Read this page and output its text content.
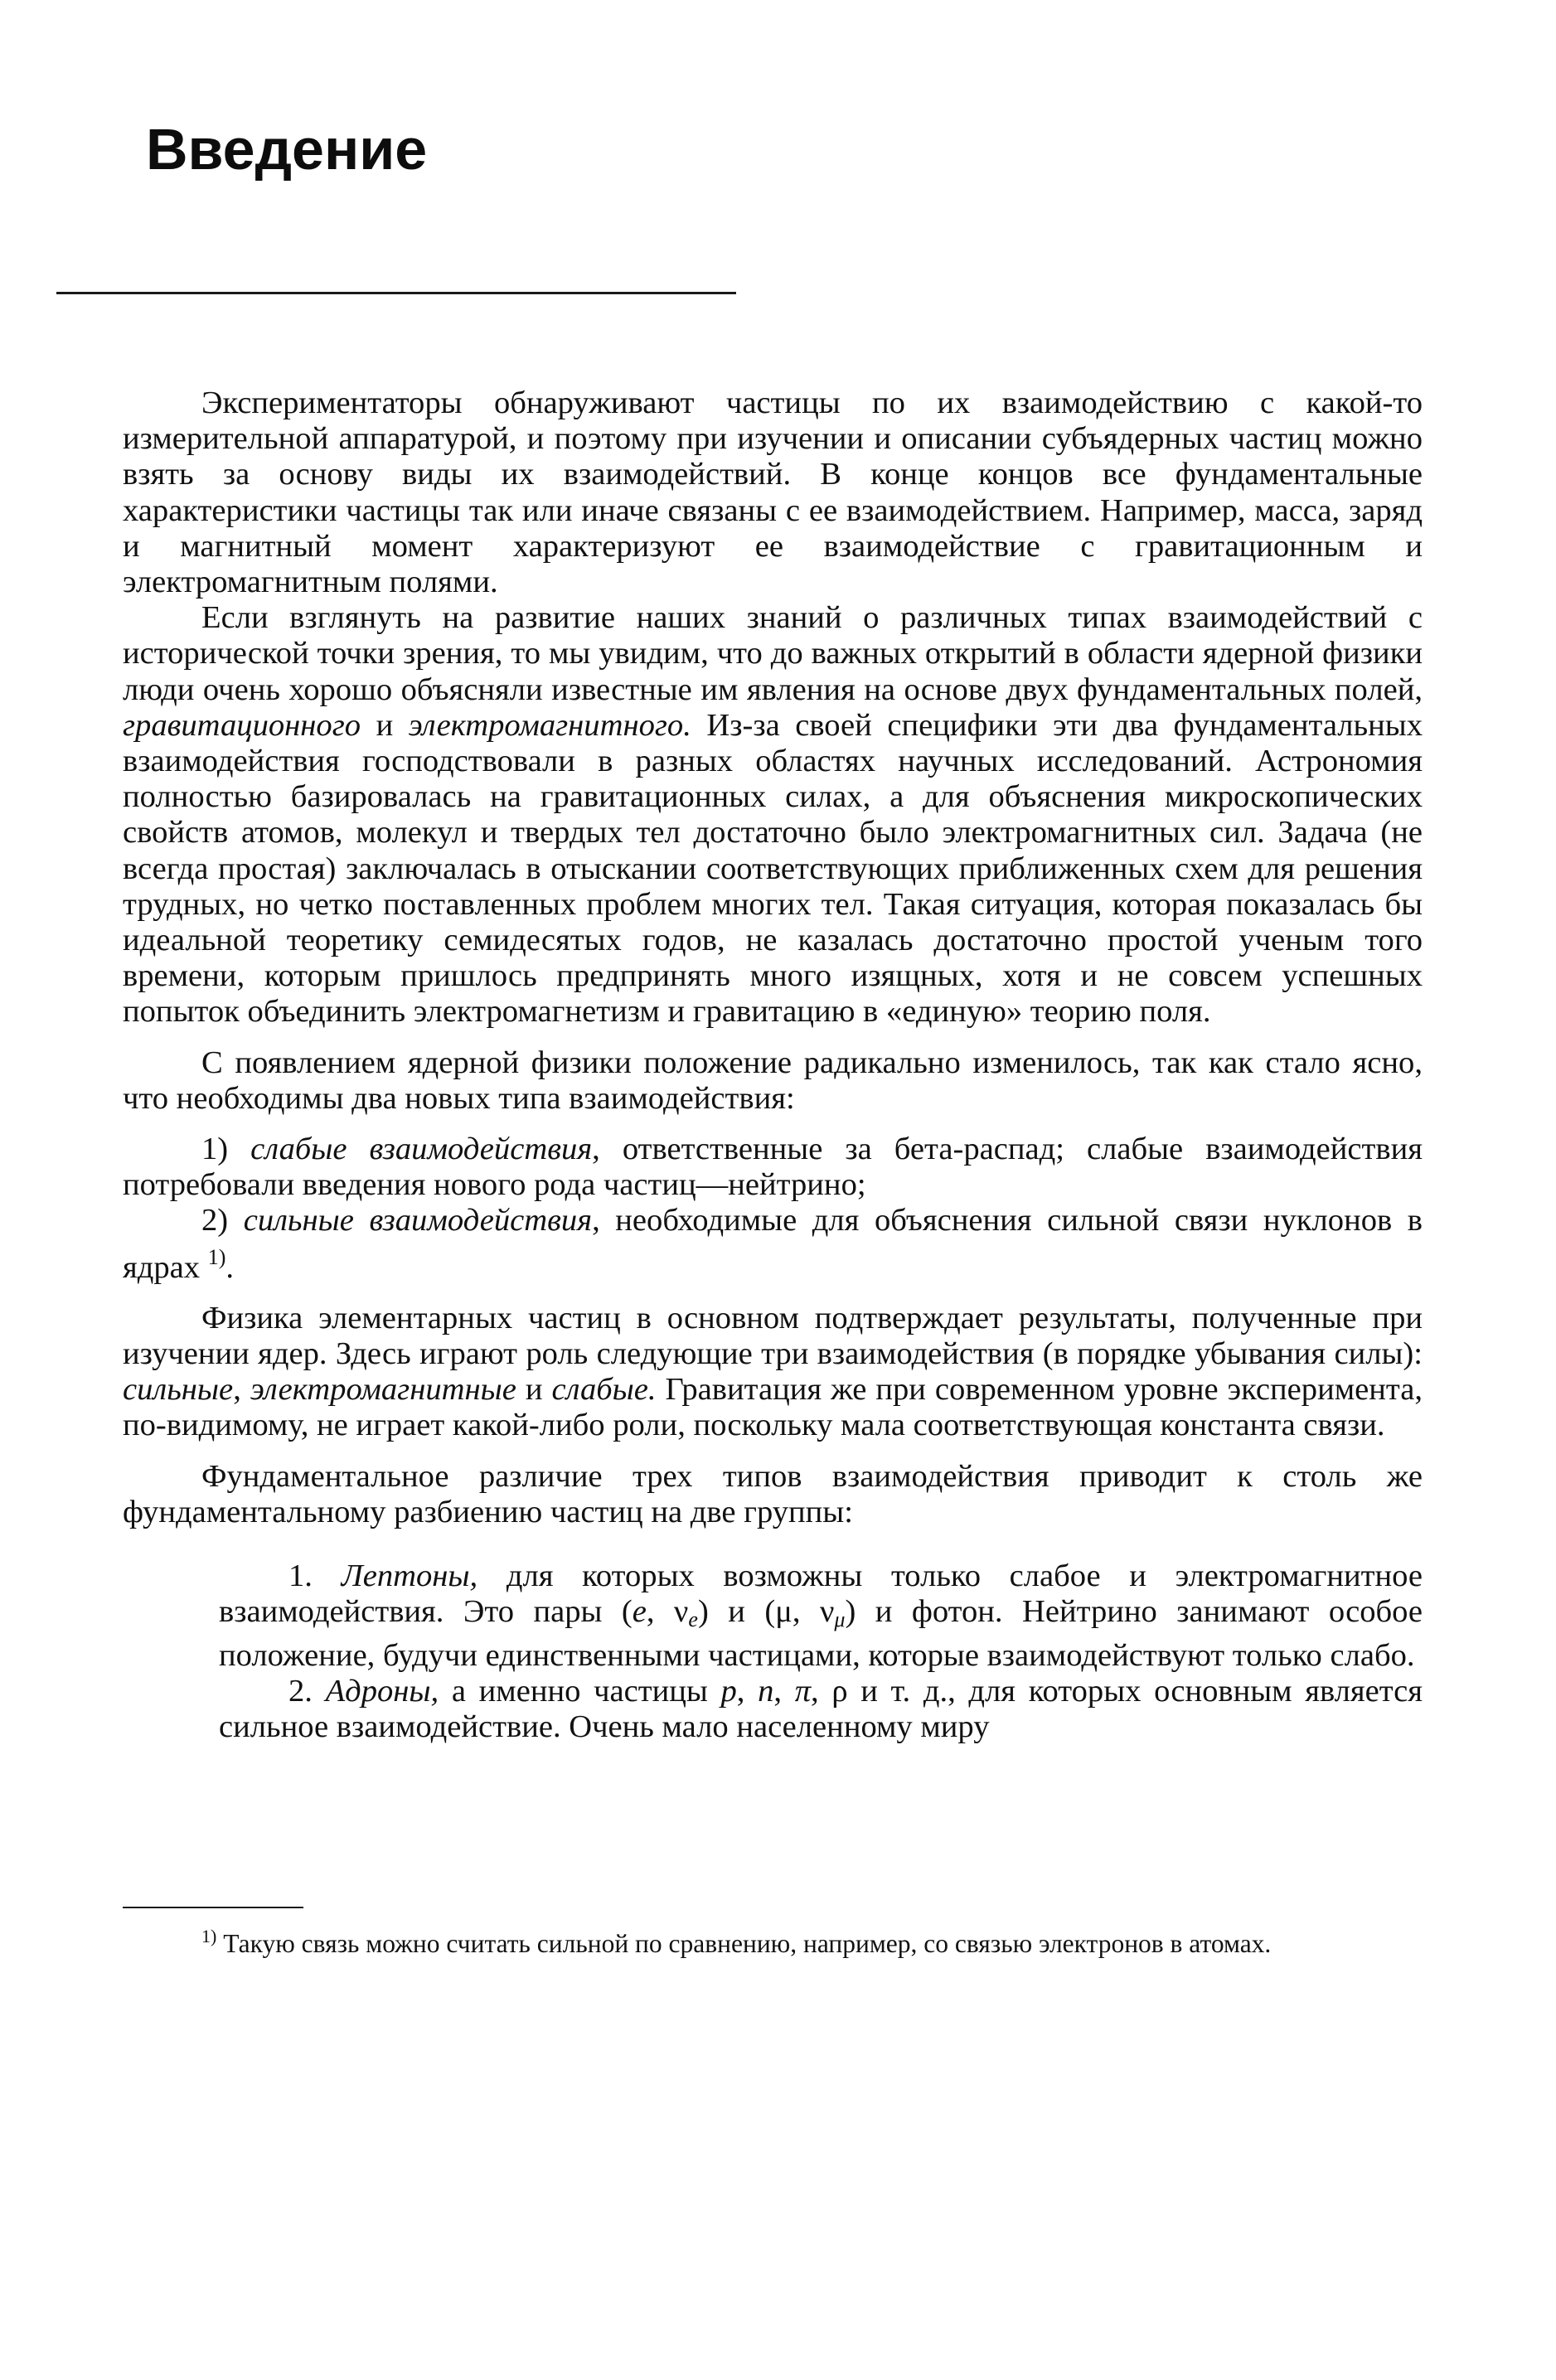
Введение

Экспериментаторы обнаруживают частицы по их взаимодействию с какой-то измерительной аппаратурой, и поэтому при изучении и описании субъядерных частиц можно взять за основу виды их взаимодействий. В конце концов все фундаментальные характеристики частицы так или иначе связаны с ее взаимодействием. Например, масса, заряд и магнитный момент характеризуют ее взаимодействие с гравитационным и электромагнитным полями.

Если взглянуть на развитие наших знаний о различных типах взаимодействий с исторической точки зрения, то мы увидим, что до важных открытий в области ядерной физики люди очень хорошо объясняли известные им явления на основе двух фундаментальных полей, гравитационного и электромагнитного. Из-за своей специфики эти два фундаментальных взаимодействия господствовали в разных областях научных исследований. Астрономия полностью базировалась на гравитационных силах, а для объяснения микроскопических свойств атомов, молекул и твердых тел достаточно было электромагнитных сил. Задача (не всегда простая) заключалась в отыскании соответствующих приближенных схем для решения трудных, но четко поставленных проблем многих тел. Такая ситуация, которая показалась бы идеальной теоретику семидесятых годов, не казалась достаточно простой ученым того времени, которым пришлось предпринять много изящных, хотя и не совсем успешных попыток объединить электромагнетизм и гравитацию в «единую» теорию поля.

С появлением ядерной физики положение радикально изменилось, так как стало ясно, что необходимы два новых типа взаимодействия:

1) слабые взаимодействия, ответственные за бета-распад; слабые взаимодействия потребовали введения нового рода частиц—нейтрино;

2) сильные взаимодействия, необходимые для объяснения сильной связи нуклонов в ядрах $^{1)}$.

Физика элементарных частиц в основном подтверждает результаты, полученные при изучении ядер. Здесь играют роль следующие три взаимодействия (в порядке убывания силы): сильные, электромагнитные и слабые. Гравитация же при современном уровне эксперимента, по-видимому, не играет какой-либо роли, поскольку мала соответствующая константа связи.

Фундаментальное различие трех типов взаимодействия приводит к столь же фундаментальному разбиению частиц на две группы:

1. Лептоны, для которых возможны только слабое и электромагнитное взаимодействия. Это пары (e, $\nu_e$) и (μ, $\nu_\mu$) и фотон. Нейтрино занимают особое положение, будучи единственными частицами, которые взаимодействуют только слабо.

2. Адроны, а именно частицы p, n, π, ρ и т. д., для которых основным является сильное взаимодействие. Очень мало населенному миру

$^{1)}$ Такую связь можно считать сильной по сравнению, например, со связью электронов в атомах.
